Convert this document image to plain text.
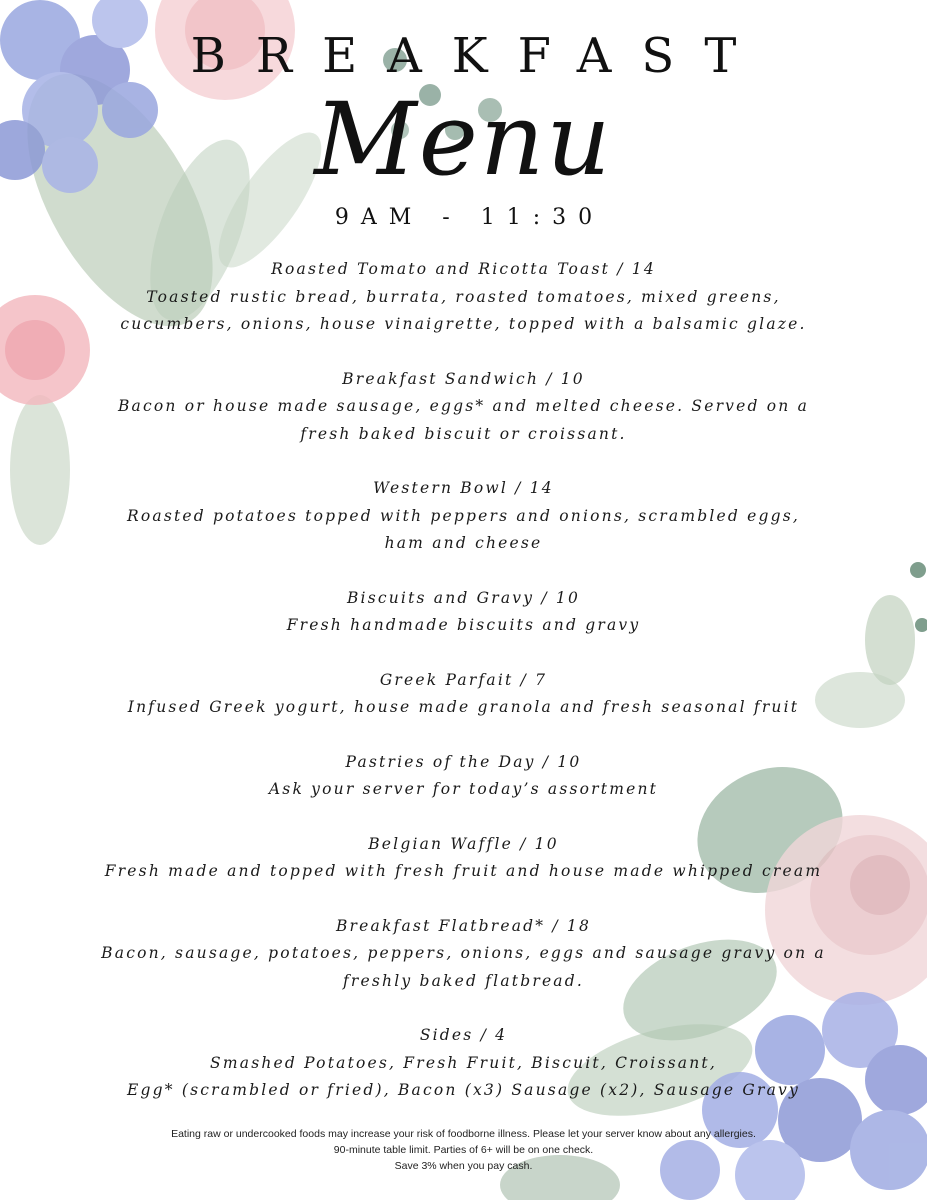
BREAKFAST
Menu
9AM - 11:30
Roasted Tomato and Ricotta Toast / 14
Toasted rustic bread, burrata, roasted tomatoes, mixed greens,
cucumbers, onions, house vinaigrette, topped with a balsamic glaze.
Breakfast Sandwich / 10
Bacon or house made sausage, eggs* and melted cheese. Served on a
fresh baked biscuit or croissant.
Western Bowl / 14
Roasted potatoes topped with peppers and onions, scrambled eggs,
ham and cheese
Biscuits and Gravy / 10
Fresh handmade biscuits and gravy
Greek Parfait / 7
Infused Greek yogurt, house made granola and fresh seasonal fruit
Pastries of the Day / 10
Ask your server for today’s assortment
Belgian Waffle / 10
Fresh made and topped with fresh fruit and house made whipped cream
Breakfast Flatbread* / 18
Bacon, sausage, potatoes, peppers, onions, eggs and sausage gravy on a
freshly baked flatbread.
Sides / 4
Smashed Potatoes, Fresh Fruit, Biscuit, Croissant,
Egg* (scrambled or fried), Bacon (x3) Sausage (x2), Sausage Gravy
Eating raw or undercooked foods may increase your risk of foodborne illness. Please let your server know about any allergies.
90-minute table limit. Parties of 6+ will be on one check.
Save 3% when you pay cash.
